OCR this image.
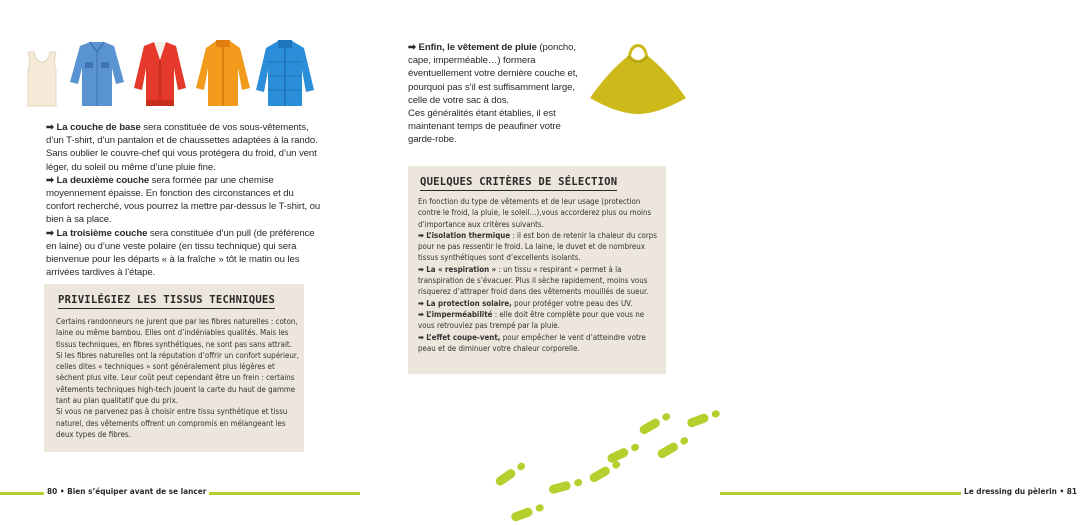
➡ La couche de base sera constituée de vos sous-vêtements, d’un T-shirt, d’un pantalon et de chaussettes adaptées à la rando. Sans oublier le couvre-chef qui vous protégera du froid, d’un vent léger, du soleil ou même d’une pluie fine.

➡ La deuxième couche sera formée par une chemise moyennement épaisse. En fonction des circonstances et du confort recherché, vous pourrez la mettre par-dessus le T-shirt, ou bien à sa place.

➡ La troisième couche sera constituée d’un pull (de préférence en laine) ou d’une veste polaire (en tissu technique) qui sera bienvenue pour les départs « à la fraîche » tôt le matin ou les arrivées tardives à l’étape.

PRIVILÉGIEZ LES TISSUS TECHNIQUES

Certains randonneurs ne jurent que par les fibres naturelles : coton, laine ou même bambou. Elles ont d’indéniables qualités. Mais les tissus techniques, en fibres synthétiques, ne sont pas sans attrait. Si les fibres naturelles ont la réputation d’offrir un confort supérieur, celles dites « techniques » sont généralement plus légères et sèchent plus vite. Leur coût peut cependant être un frein : certains vêtements techniques high-tech jouent la carte du haut de gamme tant au plan qualitatif que du prix.

Si vous ne parvenez pas à choisir entre tissu synthétique et tissu naturel, des vêtements offrent un compromis en mélangeant les deux types de fibres.

80 • Bien s’équiper avant de se lancer

➡ Enfin, le vêtement de pluie (poncho, cape, imperméable…) formera éventuellement votre dernière couche et, pourquoi pas s’il est suffisamment large, celle de votre sac à dos.

Ces généralités étant établies, il est maintenant temps de peaufiner votre garde-robe.

QUELQUES CRITÈRES DE SÉLECTION

En fonction du type de vêtements et de leur usage (protection contre le froid, la pluie, le soleil…),vous accorderez plus ou moins d’importance aux critères suivants.

➡ L’isolation thermique : il est bon de retenir la chaleur du corps pour ne pas ressentir le froid. La laine, le duvet et de nombreux tissus synthétiques sont d’excellents isolants.

➡ La « respiration » : un tissu « respirant » permet à la transpiration de s’évacuer. Plus il sèche rapidement, moins vous risquerez d’attraper froid dans des vêtements mouillés de sueur.

➡ La protection solaire, pour protéger votre peau des UV.

➡ L’imperméabilité : elle doit être complète pour que vous ne vous retrouviez pas trempé par la pluie.

➡ L’effet coupe-vent, pour empêcher le vent d’atteindre votre peau et de diminuer votre chaleur corporelle.

Le dressing du pèlerin • 81
